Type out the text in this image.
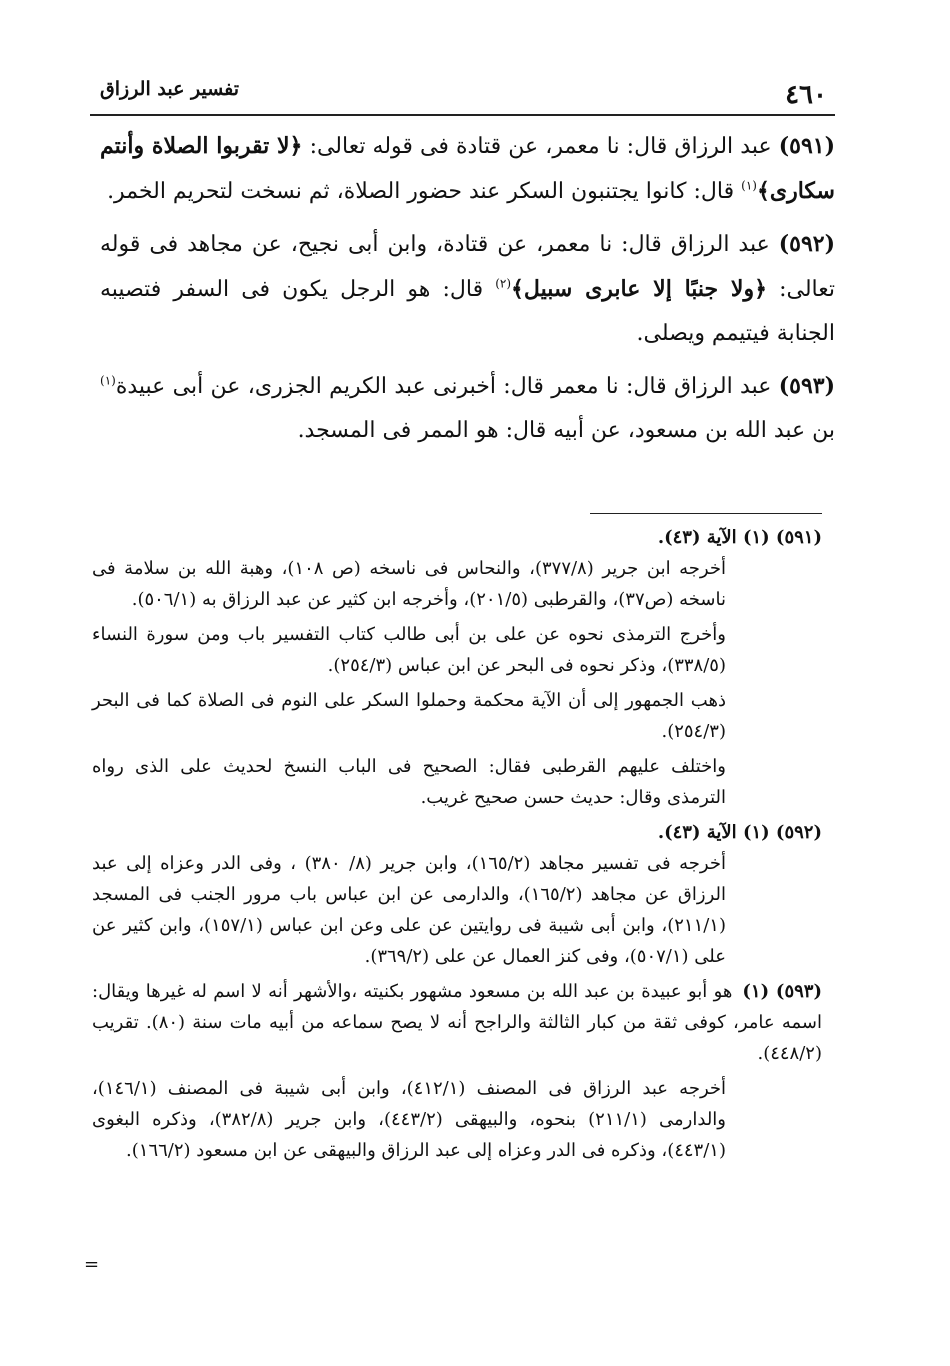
٤٦٠
تفسير عبد الرزاق

(٥٩١) عبد الرزاق قال: نا معمر، عن قتادة فى قوله تعالى: ﴿لا تقربوا الصلاة وأنتم سكارى﴾$^{(١)}$ قال: كانوا يجتنبون السكر عند حضور الصلاة، ثم نسخت لتحريم الخمر.

(٥٩٢) عبد الرزاق قال: نا معمر، عن قتادة، وابن أبى نجيح، عن مجاهد فى قوله تعالى: ﴿ولا جنبًا إلا عابرى سبيل﴾$^{(٢)}$ قال: هو الرجل يكون فى السفر فتصيبه الجنابة فيتيمم ويصلى.

(٥٩٣) عبد الرزاق قال: نا معمر قال: أخبرنى عبد الكريم الجزرى، عن أبى عبيدة$^{(١)}$ بن عبد الله بن مسعود، عن أبيه قال: هو الممر فى المسجد.

(٥٩١) (١) الآية (٤٣).

أخرجه ابن جرير (٣٧٧/٨)، والنحاس فى ناسخه (ص ١٠٨)، وهبة الله بن سلامة فى ناسخه (ص٣٧)، والقرطبى (٢٠١/٥)، وأخرجه ابن كثير عن عبد الرزاق به (٥٠٦/١).

وأخرج الترمذى نحوه عن على بن أبى طالب كتاب التفسير باب ومن سورة النساء (٣٣٨/٥)، وذكر نحوه فى البحر عن ابن عباس (٢٥٤/٣).

ذهب الجمهور إلى أن الآية محكمة وحملوا السكر على النوم فى الصلاة كما فى البحر (٢٥٤/٣).

واختلف عليهم القرطبى فقال: الصحيح فى الباب النسخ لحديث على الذى رواه الترمذى وقال: حديث حسن صحيح غريب.

(٥٩٢) (١) الآية (٤٣).

أخرجه فى تفسير مجاهد (١٦٥/٢)، وابن جرير (٨/ ٣٨٠) ، وفى الدر وعزاه إلى عبد الرزاق عن مجاهد (١٦٥/٢)، والدارمى عن ابن عباس باب مرور الجنب فى المسجد (٢١١/١)، وابن أبى شيبة فى روايتين عن على وعن ابن عباس (١٥٧/١)، وابن كثير عن على (٥٠٧/١)، وفى كنز العمال عن على (٣٦٩/٢).

(٥٩٣) (١)هو أبو عبيدة بن عبد الله بن مسعود مشهور بكنيته ،والأشهر أنه لا اسم له غيرها ويقال: اسمه عامر، كوفى ثقة من كبار الثالثة والراجح أنه لا يصح سماعه من أبيه مات سنة (٨٠). تقريب (٤٤٨/٢).

أخرجه عبد الرزاق فى المصنف (٤١٢/١)، وابن أبى شيبة فى المصنف (١٤٦/١)، والدارمى (٢١١/١) بنحوه، والبيهقى (٤٤٣/٢)، وابن جرير (٣٨٢/٨)، وذكره البغوى (٤٤٣/١)، وذكره فى الدر وعزاه إلى عبد الرزاق والبيهقى عن ابن مسعود (١٦٦/٢).

=
